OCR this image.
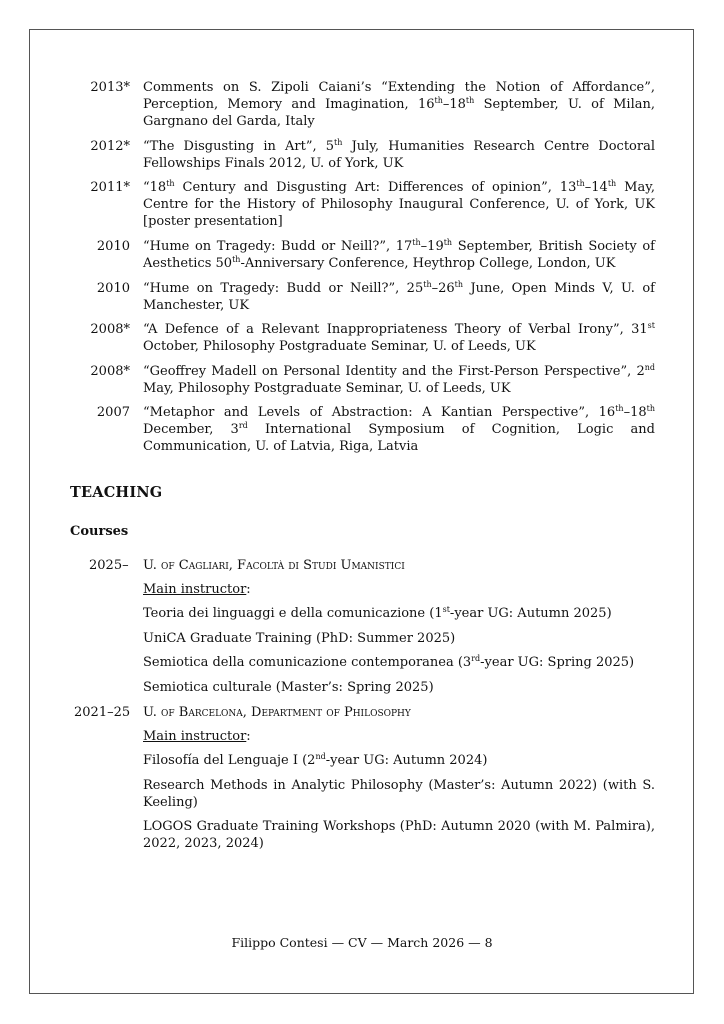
2013* Comments on S. Zipoli Caiani’s “Extending the Notion of Affordance”, Perception, Memory and Imagination, 16th–18th September, U. of Milan, Gargnano del Garda, Italy
2012* “The Disgusting in Art”, 5th July, Humanities Research Centre Doctoral Fellowships Finals 2012, U. of York, UK
2011* “18th Century and Disgusting Art: Differences of opinion”, 13th–14th May, Centre for the History of Philosophy Inaugural Conference, U. of York, UK [poster presentation]
2010 “Hume on Tragedy: Budd or Neill?”, 17th–19th September, British Society of Aesthetics 50th-Anniversary Conference, Heythrop College, London, UK
2010 “Hume on Tragedy: Budd or Neill?”, 25th–26th June, Open Minds V, U. of Manchester, UK
2008* “A Defence of a Relevant Inappropriateness Theory of Verbal Irony”, 31st October, Philosophy Postgraduate Seminar, U. of Leeds, UK
2008* “Geoffrey Madell on Personal Identity and the First-Person Perspective”, 2nd May, Philosophy Postgraduate Seminar, U. of Leeds, UK
2007 “Metaphor and Levels of Abstraction: A Kantian Perspective”, 16th–18th December, 3rd International Symposium of Cognition, Logic and Communication, U. of Latvia, Riga, Latvia
TEACHING
Courses
2025– U. of Cagliari, Facoltà di Studi Umanistici
Main instructor:
Teoria dei linguaggi e della comunicazione (1st-year UG: Autumn 2025)
UniCA Graduate Training (PhD: Summer 2025)
Semiotica della comunicazione contemporanea (3rd-year UG: Spring 2025)
Semiotica culturale (Master’s: Spring 2025)
2021–25 U. of Barcelona, Department of Philosophy
Main instructor:
Filosofía del Lenguaje I (2nd-year UG: Autumn 2024)
Research Methods in Analytic Philosophy (Master’s: Autumn 2022) (with S. Keeling)
LOGOS Graduate Training Workshops (PhD: Autumn 2020 (with M. Palmira), 2022, 2023, 2024)
Filippo Contesi — CV — March 2026 — 8
